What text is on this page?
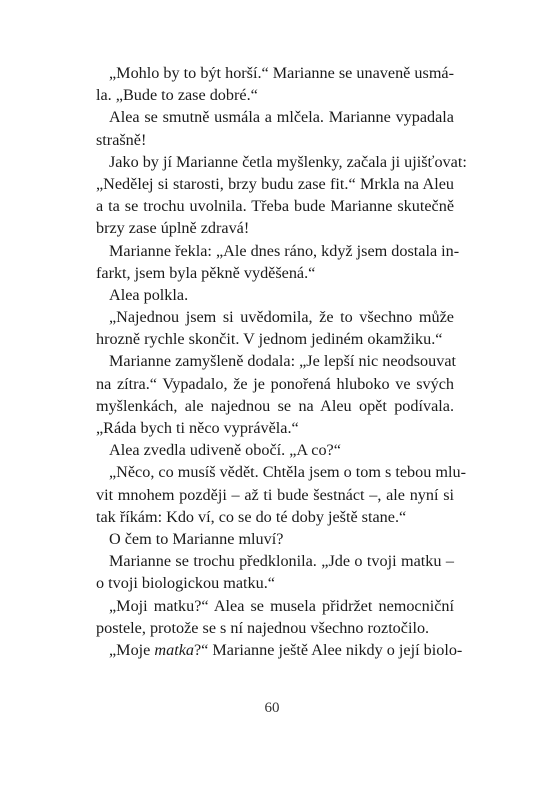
„Mohlo by to být horší.“ Marianne se unaveně usmá-
la. „Bude to zase dobré.“
Alea se smutně usmála a mlčela. Marianne vypadala
strašně!
Jako by jí Marianne četla myšlenky, začala ji ujišťovat:
„Nedělej si starosti, brzy budu zase fit.“ Mrkla na Aleu
a ta se trochu uvolnila. Třeba bude Marianne skutečně
brzy zase úplně zdravá!
Marianne řekla: „Ale dnes ráno, když jsem dostala in-
farkt, jsem byla pěkně vyděšená.“
Alea polkla.
„Najednou jsem si uvědomila, že to všechno může
hrozně rychle skončit. V jednom jediném okamžiku.“
Marianne zamyšleně dodala: „Je lepší nic neodsouvat
na zítra.“ Vypadalo, že je ponořená hluboko ve svých
myšlenkách, ale najednou se na Aleu opět podívala.
„Ráda bych ti něco vyprávěla.“
Alea zvedla udiveně obočí. „A co?“
„Něco, co musíš vědět. Chtěla jsem o tom s tebou mlu-
vit mnohem později – až ti bude šestnáct –, ale nyní si
tak říkám: Kdo ví, co se do té doby ještě stane.“
O čem to Marianne mluví?
Marianne se trochu předklonila. „Jde o tvoji matku –
o tvoji biologickou matku.“
„Moji matku?“ Alea se musela přidržet nemocniční
postele, protože se s ní najednou všechno roztočilo.
„Moje matka?“ Marianne ještě Alee nikdy o její biolo-
60
